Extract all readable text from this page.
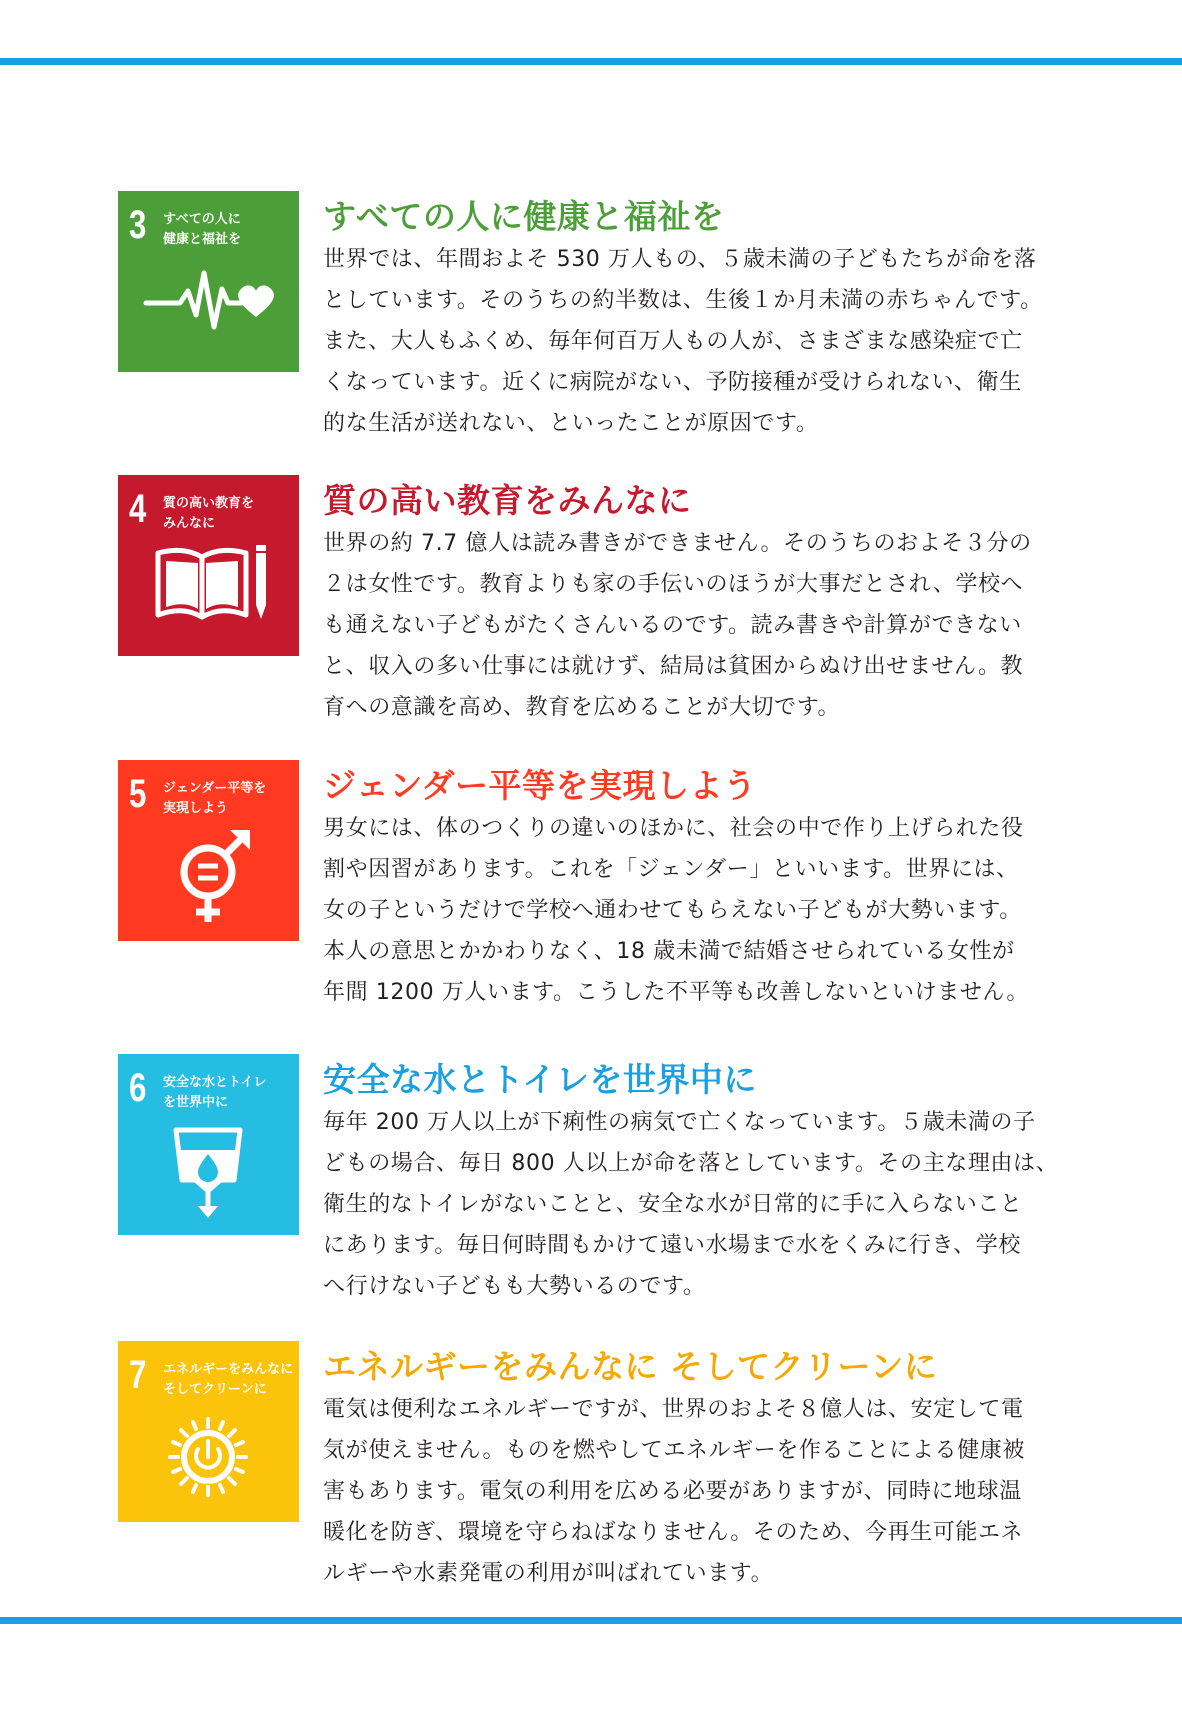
3 すべての人に
健康と福祉を
すべての人に健康と福祉を
世界では、年間およそ 530 万人もの、５歳未満の子どもたちが命を落
としています。そのうちの約半数は、生後１か月未満の赤ちゃんです。
また、大人もふくめ、毎年何百万人もの人が、さまざまな感染症で亡
くなっています。近くに病院がない、予防接種が受けられない、衛生
的な生活が送れない、といったことが原因です。
4 質の高い教育を
みんなに
質の高い教育をみんなに
世界の約 7.7 億人は読み書きができません。そのうちのおよそ３分の
２は女性です。教育よりも家の手伝いのほうが大事だとされ、学校へ
も通えない子どもがたくさんいるのです。読み書きや計算ができない
と、収入の多い仕事には就けず、結局は貧困からぬけ出せません。教
育への意識を高め、教育を広めることが大切です。
5 ジェンダー平等を
実現しよう
ジェンダー平等を実現しよう
男女には、体のつくりの違いのほかに、社会の中で作り上げられた役
割や因習があります。これを「ジェンダー」といいます。世界には、
女の子というだけで学校へ通わせてもらえない子どもが大勢います。
本人の意思とかかわりなく、18 歳未満で結婚させられている女性が
年間 1200 万人います。こうした不平等も改善しないといけません。
6 安全な水とトイレ
を世界中に
安全な水とトイレを世界中に
毎年 200 万人以上が下痢性の病気で亡くなっています。５歳未満の子
どもの場合、毎日 800 人以上が命を落としています。その主な理由は、
衛生的なトイレがないことと、安全な水が日常的に手に入らないこと
にあります。毎日何時間もかけて遠い水場まで水をくみに行き、学校
へ行けない子どもも大勢いるのです。
7 エネルギーをみんなに
そしてクリーンに
エネルギーをみんなに そしてクリーンに
電気は便利なエネルギーですが、世界のおよそ８億人は、安定して電
気が使えません。ものを燃やしてエネルギーを作ることによる健康被
害もあります。電気の利用を広める必要がありますが、同時に地球温
暖化を防ぎ、環境を守らねばなりません。そのため、今再生可能エネ
ルギーや水素発電の利用が叫ばれています。
